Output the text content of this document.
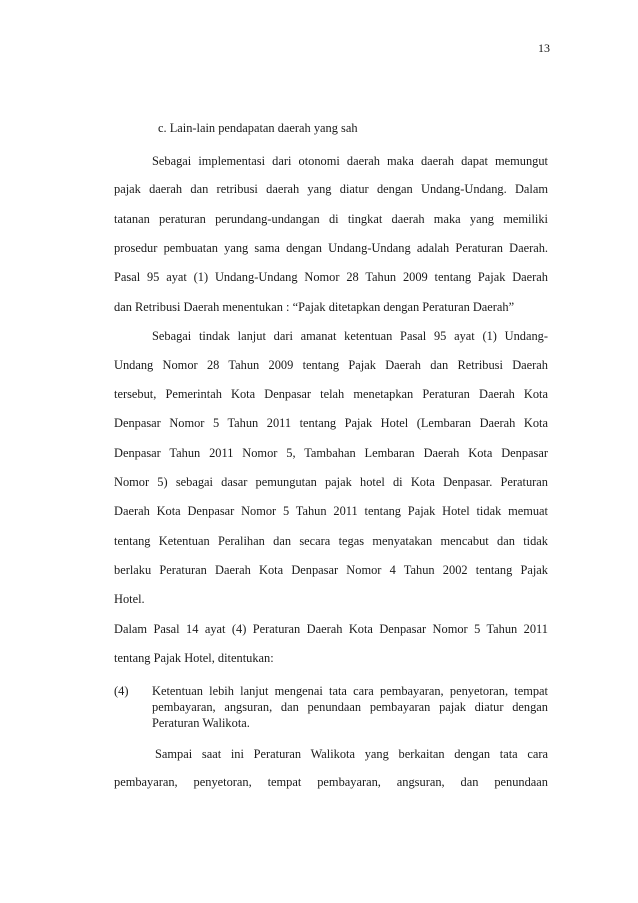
13
c. Lain-lain pendapatan daerah yang sah
Sebagai implementasi dari otonomi daerah maka daerah dapat memungut
pajak daerah dan retribusi daerah yang diatur dengan Undang-Undang. Dalam
tatanan peraturan perundang-undangan di tingkat daerah maka yang memiliki
prosedur pembuatan yang sama dengan Undang-Undang adalah Peraturan Daerah.
Pasal 95 ayat (1) Undang-Undang Nomor 28 Tahun 2009 tentang Pajak Daerah
dan Retribusi Daerah menentukan : “Pajak ditetapkan dengan Peraturan Daerah”
Sebagai tindak lanjut dari amanat ketentuan Pasal 95 ayat (1) Undang-
Undang Nomor 28 Tahun 2009 tentang Pajak Daerah dan Retribusi Daerah
tersebut, Pemerintah Kota Denpasar telah menetapkan Peraturan Daerah Kota
Denpasar Nomor 5 Tahun 2011 tentang Pajak Hotel (Lembaran Daerah Kota
Denpasar Tahun 2011 Nomor 5, Tambahan Lembaran Daerah Kota Denpasar
Nomor 5) sebagai dasar pemungutan pajak hotel di Kota Denpasar. Peraturan
Daerah Kota Denpasar Nomor 5 Tahun 2011 tentang Pajak Hotel tidak memuat
tentang Ketentuan Peralihan dan secara tegas menyatakan mencabut dan tidak
berlaku Peraturan Daerah Kota Denpasar Nomor 4 Tahun 2002 tentang Pajak
Hotel.
Dalam Pasal 14 ayat (4) Peraturan Daerah Kota Denpasar Nomor 5 Tahun 2011
tentang Pajak Hotel, ditentukan:
(4) Ketentuan lebih lanjut mengenai tata cara pembayaran, penyetoran, tempat
pembayaran, angsuran, dan penundaan pembayaran pajak diatur dengan
Peraturan Walikota.
Sampai saat ini Peraturan Walikota yang berkaitan dengan tata cara
pembayaran, penyetoran, tempat pembayaran, angsuran, dan penundaan
